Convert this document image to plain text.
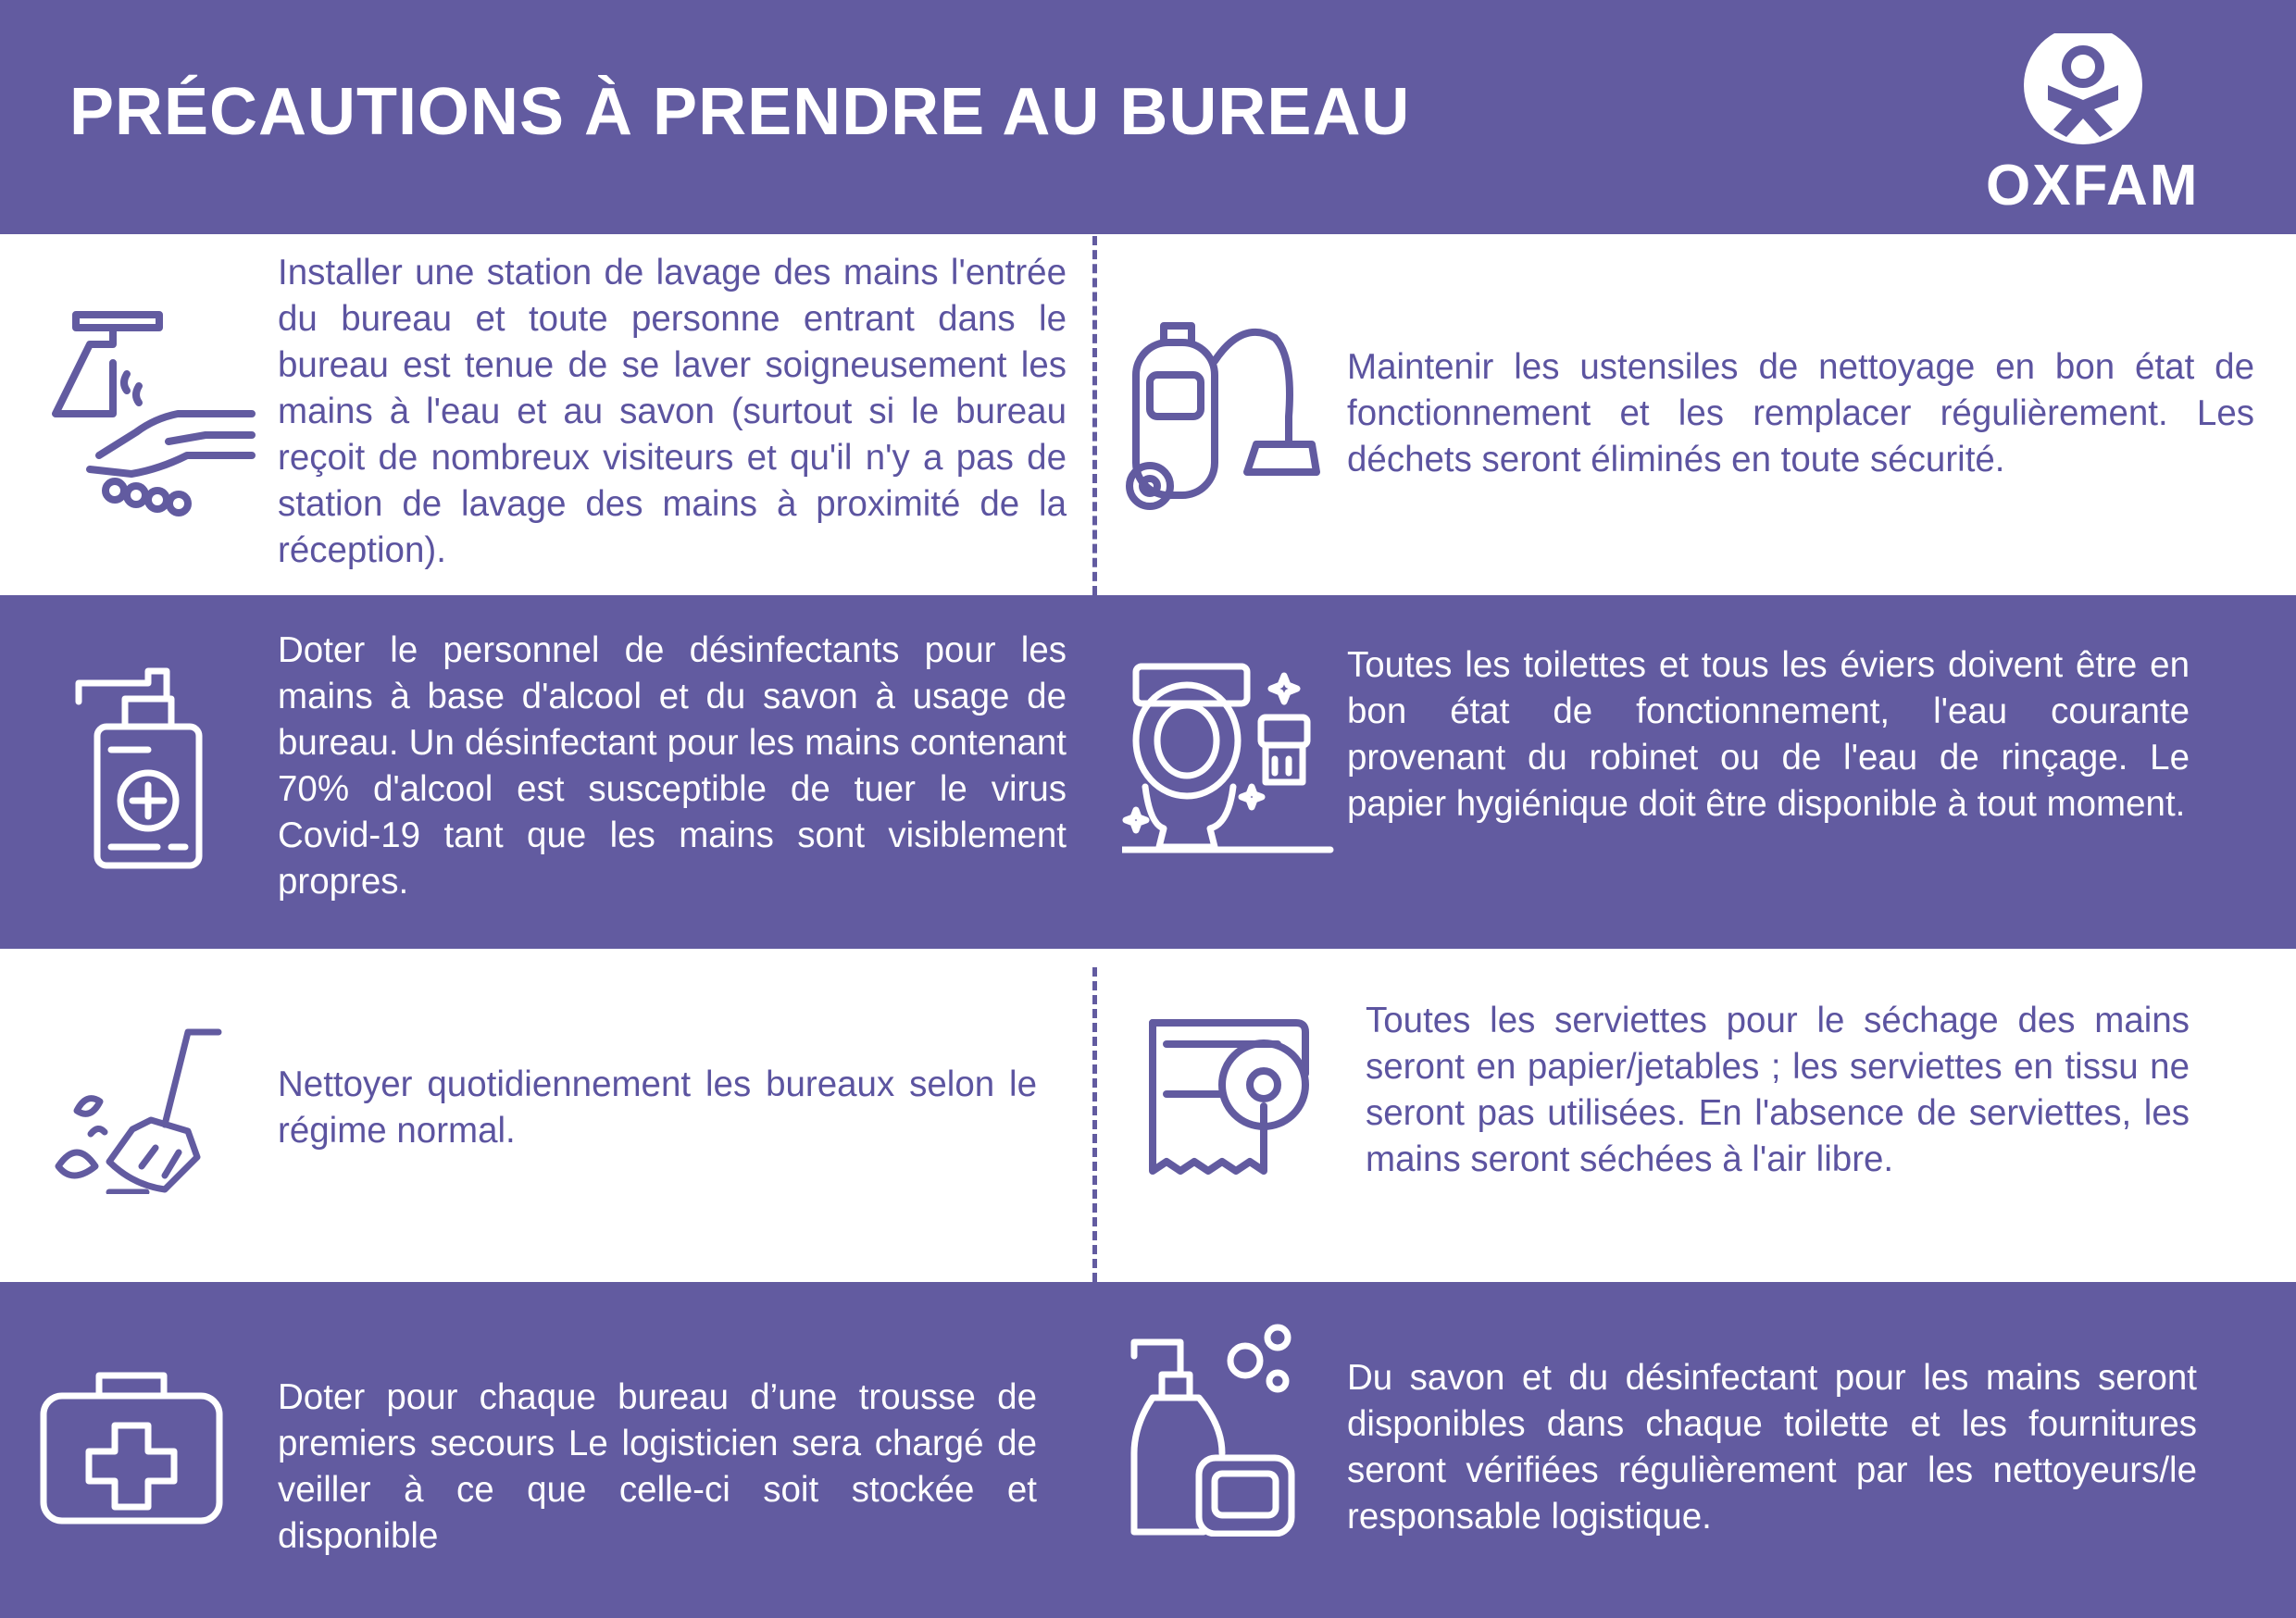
PRÉCAUTIONS À PRENDRE AU BUREAU
OXFAM

Installer une station de lavage des mains l'entrée du bureau et toute personne entrant dans le bureau est tenue de se laver soigneusement les mains à l'eau et au savon (surtout si le bureau reçoit de nombreux visiteurs et qu'il n'y a pas de station de lavage des mains à proximité de la réception).

Maintenir les ustensiles de nettoyage en bon état de fonctionnement et les remplacer régulièrement. Les déchets seront éliminés en toute sécurité.

Doter le personnel de désinfectants pour les mains à base d'alcool et du savon à usage de bureau. Un désinfectant pour les mains contenant 70% d'alcool est susceptible de tuer le virus Covid-19 tant que les mains sont visiblement propres.

Toutes les toilettes et tous les éviers doivent être en bon état de fonctionnement, l'eau courante provenant du robinet ou de l'eau de rinçage. Le papier hygiénique doit être disponible à tout moment.

Nettoyer quotidiennement les bureaux selon le régime normal.

Toutes les serviettes pour le séchage des mains seront en papier/jetables ; les serviettes en tissu ne seront pas utilisées. En l'absence de serviettes, les mains seront séchées à l'air libre.

Doter pour chaque bureau d’une trousse de premiers secours Le logisticien sera chargé de veiller à ce que celle-ci soit stockée et disponible

Du savon et du désinfectant pour les mains seront disponibles dans chaque toilette et les fournitures seront vérifiées régulièrement par les nettoyeurs/le responsable logistique.
